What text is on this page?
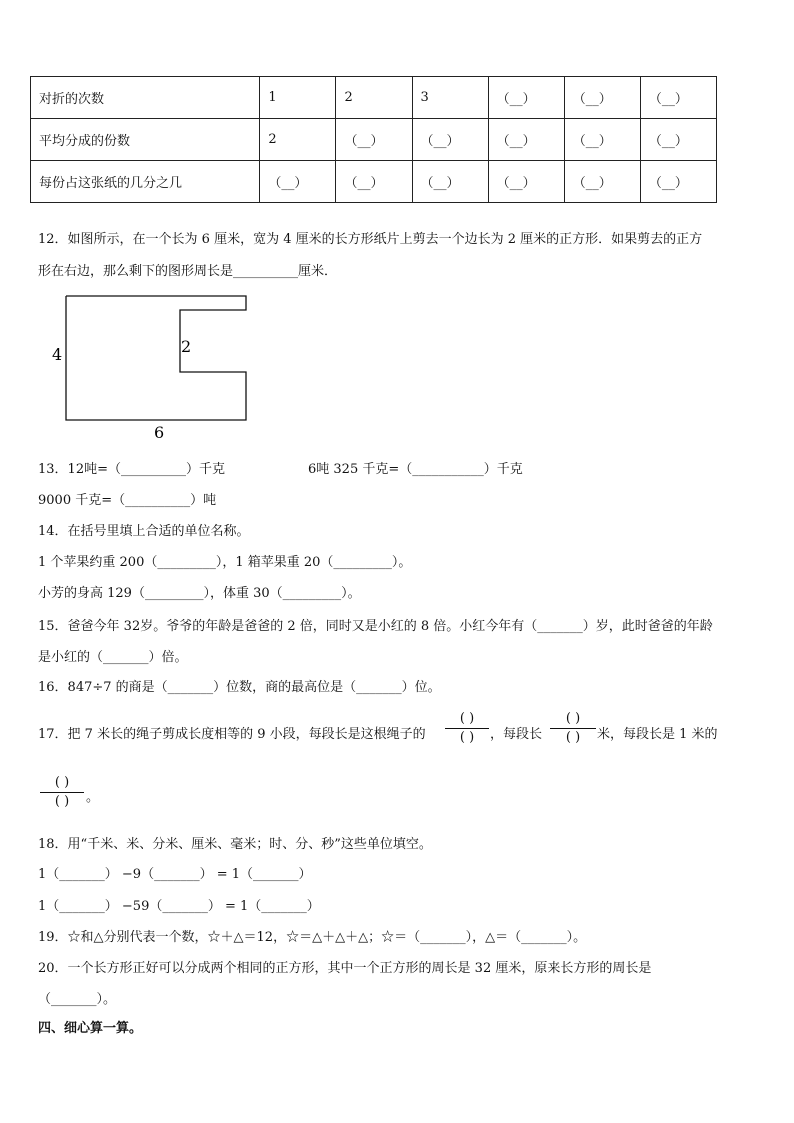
对折的次数	1	2	3	（__）	（__）	（__）
平均分成的份数	2	（__）	（__）	（__）	（__）	（__）
每份占这张纸的几分之几	（__）	（__）	（__）	（__）	（__）	（__）
12．如图所示，在一个长为 6 厘米，宽为 4 厘米的长方形纸片上剪去一个边长为 2 厘米的正方形．如果剪去的正方
形在右边，那么剩下的图形周长是__________厘米．
4	2
6
13．12吨=（__________）千克	6吨 325 千克=（___________）千克
9000 千克=（__________）吨
14．在括号里填上合适的单位名称。
1 个苹果约重 200（_________），1 箱苹果重 20（_________）。
小芳的身高 129（_________），体重 30（_________）。
15．爸爸今年 32岁。爷爷的年龄是爸爸的 2 倍，同时又是小红的 8 倍。小红今年有（_______）岁，此时爸爸的年龄
是小红的（_______）倍。
16．847÷7 的商是（_______）位数，商的最高位是（_______）位。
17．把 7 米长的绳子剪成长度相等的 9 小段，每段长是这根绳子的
( )
( ) ，每段长
( )
( ) 米，每段长是 1 米的
( )
( ) 。
18．用“千米、米、分米、厘米、毫米；时、分、秒”这些单位填空。
1（_______） −9（_______） = 1（_______）
1（_______） −59（_______） = 1（_______）
19．☆和△分别代表一个数，☆＋△＝12，☆＝△＋△＋△；☆＝（_______），△＝（_______）。
20．一个长方形正好可以分成两个相同的正方形，其中一个正方形的周长是 32 厘米，原来长方形的周长是
（_______）。
四、细心算一算。
